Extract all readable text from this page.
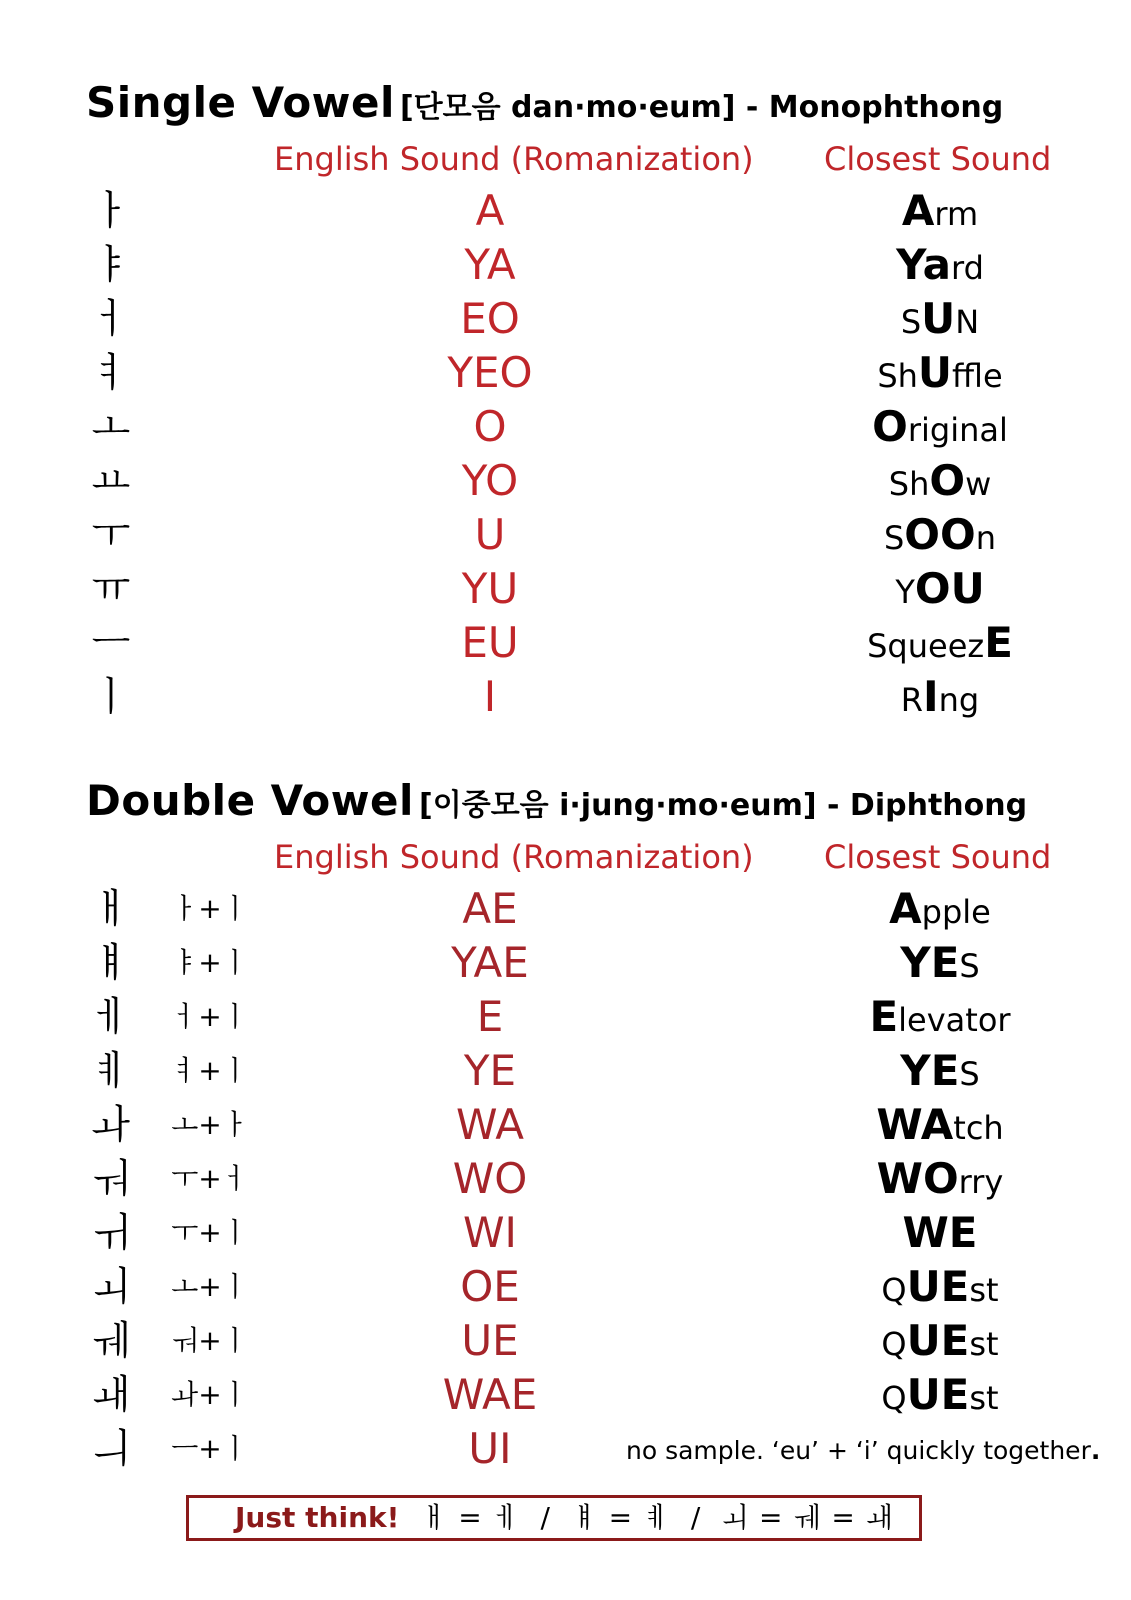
Single Vowel [단모음 dan·mo·eum] - Monophthong
English Sound (Romanization) Closest Sound
ㅏ	A	Arm
ㅑ	YA	Yard
ㅓ	EO	SUN
ㅕ	YEO	ShUffle
ㅗ	O	Original
ㅛ	YO	ShOw
ㅜ	U	SOOn
ㅠ	YU	YOU
ㅡ	EU	SqueezE
ㅣ	I	RIng
Double Vowel [이중모음 i·jung·mo·eum] - Diphthong
English Sound (Romanization) Closest Sound
ㅐ	ㅏ+ㅣ	AE	Apple
ㅒ	ㅑ+ㅣ	YAE	YES
ㅔ	ㅓ+ㅣ	E	Elevator
ㅖ	ㅕ+ㅣ	YE	YES
ㅘ	ㅗ+ㅏ	WA	WAtch
ㅝ	ㅜ+ㅓ	WO	WOrry
ㅟ	ㅜ+ㅣ	WI	WE
ㅚ	ㅗ+ㅣ	OE	QUEst
ㅞ	ㅝ+ㅣ	UE	QUEst
ㅙ	ㅘ+ㅣ	WAE	QUEst
ㅢ	ㅡ+ㅣ	UI	no sample. ‘eu’ + ‘i’ quickly together.
Just think! ㅐ = ㅔ  /  ㅒ = ㅖ  /  ㅚ = ㅞ = ㅙ
